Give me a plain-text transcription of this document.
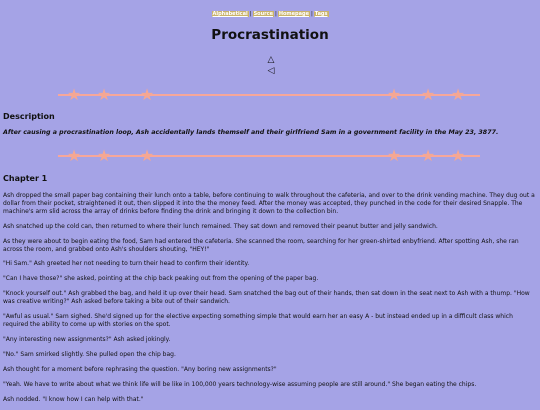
Alphabetical | Source | Homepage | Tags
Procrastination
△
◁
★ ★ ★	★ ★ ★
Description
After causing a procrastination loop, Ash accidentally lands themself and their girlfriend Sam in a government facility in the May 23, 3877.
★ ★ ★	★ ★ ★
Chapter 1

Ash dropped the small paper bag containing their lunch onto a table, before continuing to walk throughout the cafeteria, and over to the drink vending machine. They dug out a dollar from their pocket, straightened it out, then slipped it into the the money feed. After the money was accepted, they punched in the code for their desired Snapple. The machine's arm slid across the array of drinks before finding the drink and bringing it down to the collection bin.

Ash snatched up the cold can, then returned to where their lunch remained. They sat down and removed their peanut butter and jelly sandwich.

As they were about to begin eating the food, Sam had entered the cafeteria. She scanned the room, searching for her green-shirted enbyfriend. After spotting Ash, she ran across the room, and grabbed onto Ash's shoulders shouting, "HEY!"

"Hi Sam." Ash greeted her not needing to turn their head to confirm their identity.

"Can I have those?" she asked, pointing at the chip back peaking out from the opening of the paper bag.

"Knock yourself out." Ash grabbed the bag, and held it up over their head. Sam snatched the bag out of their hands, then sat down in the seat next to Ash with a thump. "How was creative writing?" Ash asked before taking a bite out of their sandwich.

"Awful as usual." Sam sighed. She'd signed up for the elective expecting something simple that would earn her an easy A - but instead ended up in a difficult class which required the ability to come up with stories on the spot.

"Any interesting new assignments?" Ash asked jokingly.

"No." Sam smirked slightly. She pulled open the chip bag.

Ash thought for a moment before rephrasing the question. "Any boring new assignments?"

"Yeah. We have to write about what we think life will be like in 100,000 years technology-wise assuming people are still around." She began eating the chips.

Ash nodded. "I know how I can help with that."
